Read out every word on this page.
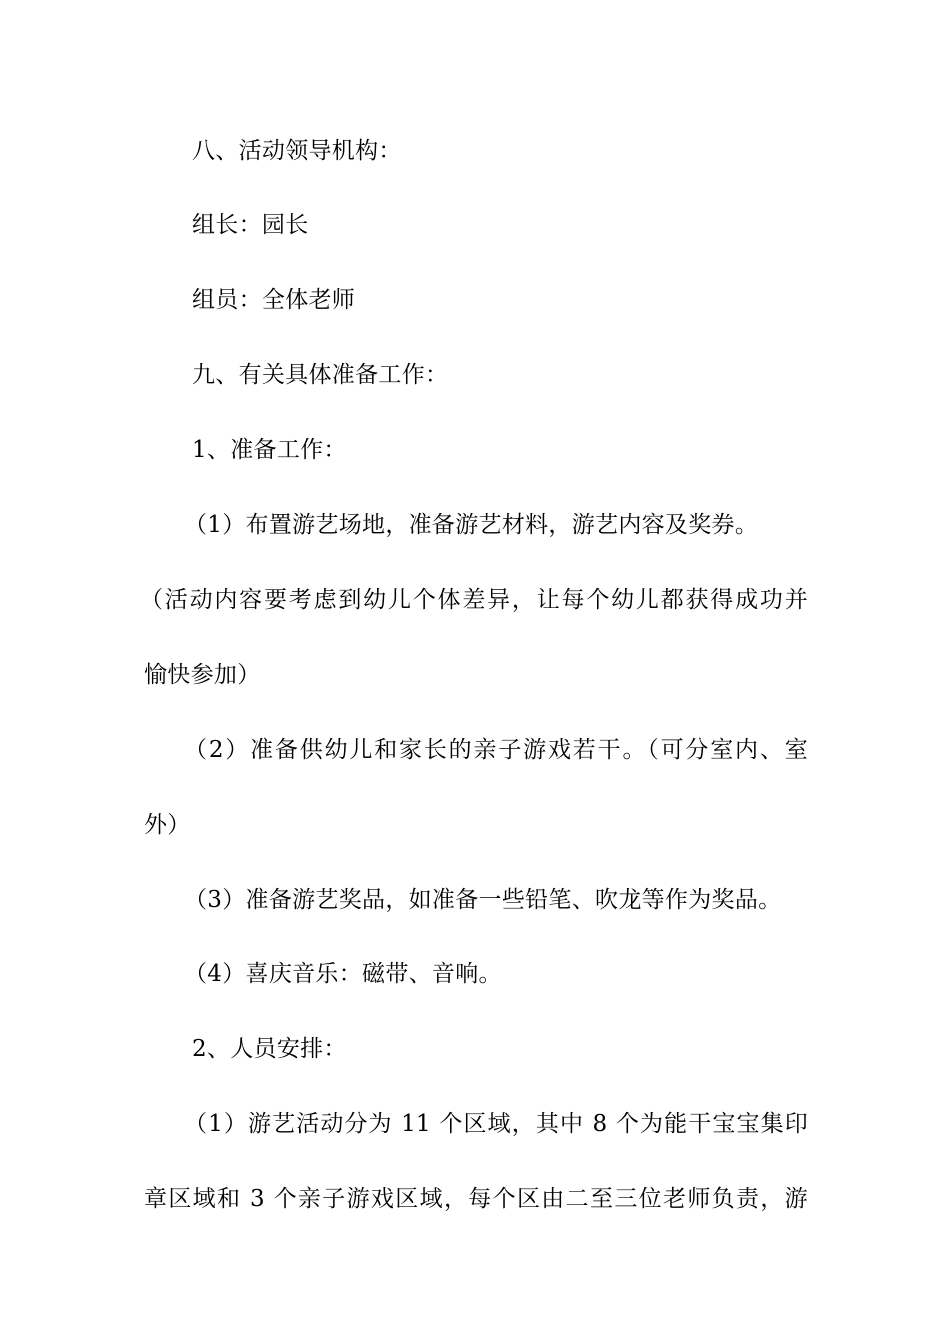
八、活动领导机构：
组长：园长
组员：全体老师
九、有关具体准备工作：
1、准备工作：
（1）布置游艺场地，准备游艺材料，游艺内容及奖券。
（活动内容要考虑到幼儿个体差异，让每个幼儿都获得成功并
愉快参加）
（2）准备供幼儿和家长的亲子游戏若干。（可分室内、室
外）
（3）准备游艺奖品，如准备一些铅笔、吹龙等作为奖品。
（4）喜庆音乐：磁带、音响。
2、人员安排：
（1）游艺活动分为 11 个区域，其中 8 个为能干宝宝集印
章区域和 3 个亲子游戏区域，每个区由二至三位老师负责，游
